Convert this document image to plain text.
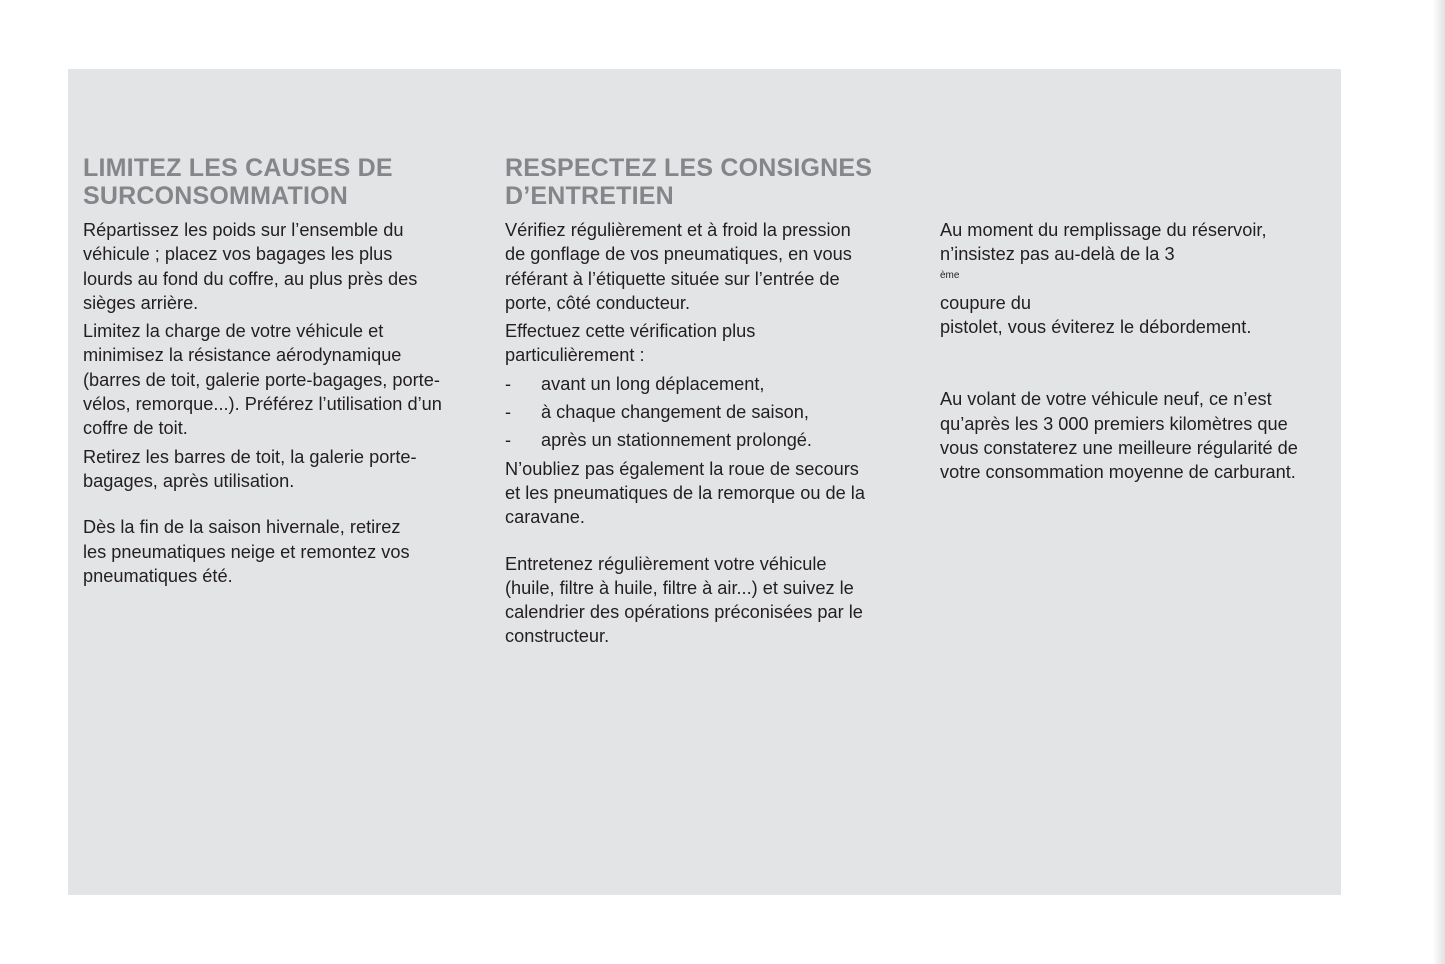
LIMITEZ LES CAUSES DE
SURCONSOMMATION

Répartissez les poids sur l’ensemble du
véhicule ; placez vos bagages les plus
lourds au fond du coffre, au plus près des
sièges arrière.

Limitez la charge de votre véhicule et
minimisez la résistance aérodynamique
(barres de toit, galerie porte-bagages, porte-
vélos, remorque...). Préférez l’utilisation d’un
coffre de toit.

Retirez les barres de toit, la galerie porte-
bagages, après utilisation.

Dès la fin de la saison hivernale, retirez
les pneumatiques neige et remontez vos
pneumatiques été.

RESPECTEZ LES CONSIGNES
D’ENTRETIEN

Vérifiez régulièrement et à froid la pression
de gonflage de vos pneumatiques, en vous
référant à l’étiquette située sur l’entrée de
porte, côté conducteur.

Effectuez cette vérification plus
particulièrement :

-	avant un long déplacement,
-	à chaque changement de saison,
-	après un stationnement prolongé.

N’oubliez pas également la roue de secours
et les pneumatiques de la remorque ou de la
caravane.

Entretenez régulièrement votre véhicule
(huile, filtre à huile, filtre à air...) et suivez le
calendrier des opérations préconisées par le
constructeur.

Au moment du remplissage du réservoir,
n’insistez pas au-delà de la 3
$^{ème}$
coupure du
pistolet, vous éviterez le débordement.

Au volant de votre véhicule neuf, ce n’est
qu’après les 3 000 premiers kilomètres que
vous constaterez une meilleure régularité de
votre consommation moyenne de carburant.
